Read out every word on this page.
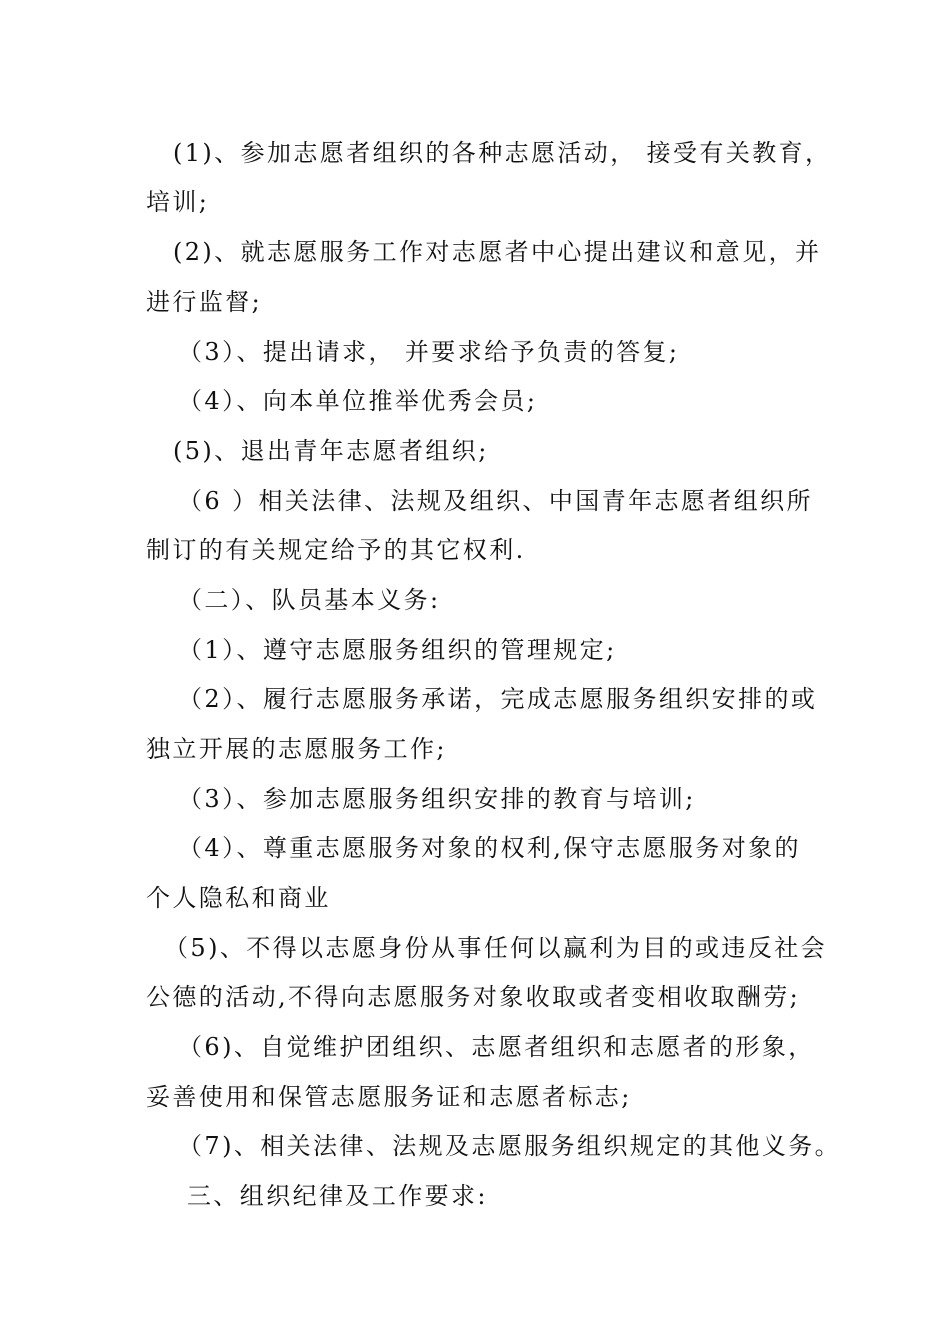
(1)、参加志愿者组织的各种志愿活动， 接受有关教育，
培训;
(2)、就志愿服务工作对志愿者中心提出建议和意见，并
进行监督;
（3）、提出请求， 并要求给予负责的答复;
（4）、向本单位推举优秀会员;
(5)、退出青年志愿者组织;
（6 ）相关法律、法规及组织、中国青年志愿者组织所
制订的有关规定给予的其它权利.
（二）、队员基本义务:
（1）、遵守志愿服务组织的管理规定;
（2）、履行志愿服务承诺，完成志愿服务组织安排的或
独立开展的志愿服务工作;
（3）、参加志愿服务组织安排的教育与培训;
（4）、尊重志愿服务对象的权利,保守志愿服务对象的
个人隐私和商业
（5)、不得以志愿身份从事任何以赢利为目的或违反社会
公德的活动,不得向志愿服务对象收取或者变相收取酬劳;
（6)、自觉维护团组织、志愿者组织和志愿者的形象，
妥善使用和保管志愿服务证和志愿者标志;
（7)、相关法律、法规及志愿服务组织规定的其他义务。
三、组织纪律及工作要求:
